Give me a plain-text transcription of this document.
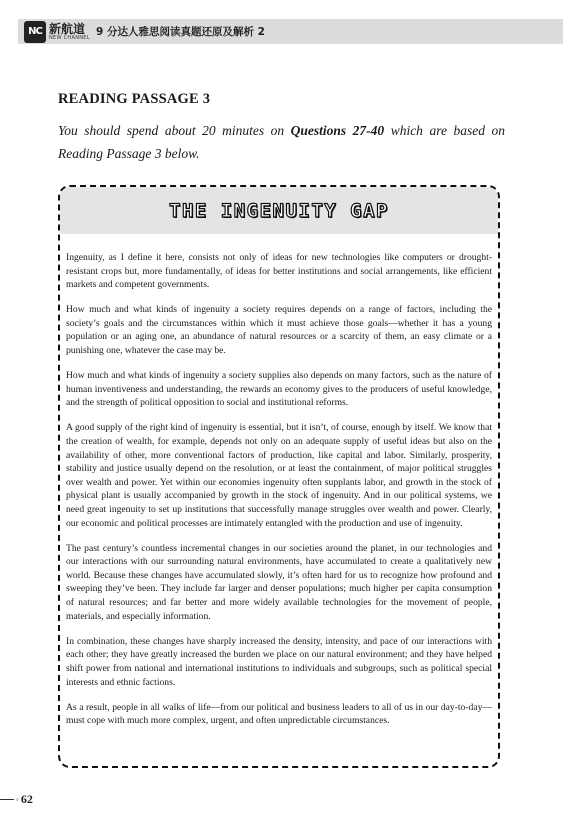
NC 新航道
NEW CHANNEL 9 分达人雅思阅读真题还原及解析 2
READING PASSAGE 3
You should spend about 20 minutes on Questions 27-40 which are based on Reading Passage 3 below.
THE INGENUITY GAP

Ingenuity, as I define it here, consists not only of ideas for new technologies like computers or drought-resistant crops but, more fundamentally, of ideas for better institutions and social arrangements, like efficient markets and competent governments.

How much and what kinds of ingenuity a society requires depends on a range of factors, including the society’s goals and the circumstances within which it must achieve those goals—whether it has a young population or an aging one, an abundance of natural resources or a scarcity of them, an easy climate or a punishing one, whatever the case may be.

How much and what kinds of ingenuity a society supplies also depends on many factors, such as the nature of human inventiveness and understanding, the rewards an economy gives to the producers of useful knowledge, and the strength of political opposition to social and institutional reforms.

A good supply of the right kind of ingenuity is essential, but it isn’t, of course, enough by itself. We know that the creation of wealth, for example, depends not only on an adequate supply of useful ideas but also on the availability of other, more conventional factors of production, like capital and labor. Similarly, prosperity, stability and justice usually depend on the resolution, or at least the containment, of major political struggles over wealth and power. Yet within our economies ingenuity often supplants labor, and growth in the stock of physical plant is usually accompanied by growth in the stock of ingenuity. And in our political systems, we need great ingenuity to set up institutions that successfully manage struggles over wealth and power. Clearly, our economic and political processes are intimately entangled with the production and use of ingenuity.

The past century’s countless incremental changes in our societies around the planet, in our technologies and our interactions with our surrounding natural environments, have accumulated to create a qualitatively new world. Because these changes have accumulated slowly, it’s often hard for us to recognize how profound and sweeping they’ve been. They include far larger and denser populations; much higher per capita consumption of natural resources; and far better and more widely available technologies for the movement of people, materials, and especially information.

In combination, these changes have sharply increased the density, intensity, and pace of our interactions with each other; they have greatly increased the burden we place on our natural environment; and they have helped shift power from national and international institutions to individuals and subgroups, such as political special interests and ethnic factions.

As a result, people in all walks of life—from our political and business leaders to all of us in our day-to-day—must cope with much more complex, urgent, and often unpredictable circumstances.

◦ 62
